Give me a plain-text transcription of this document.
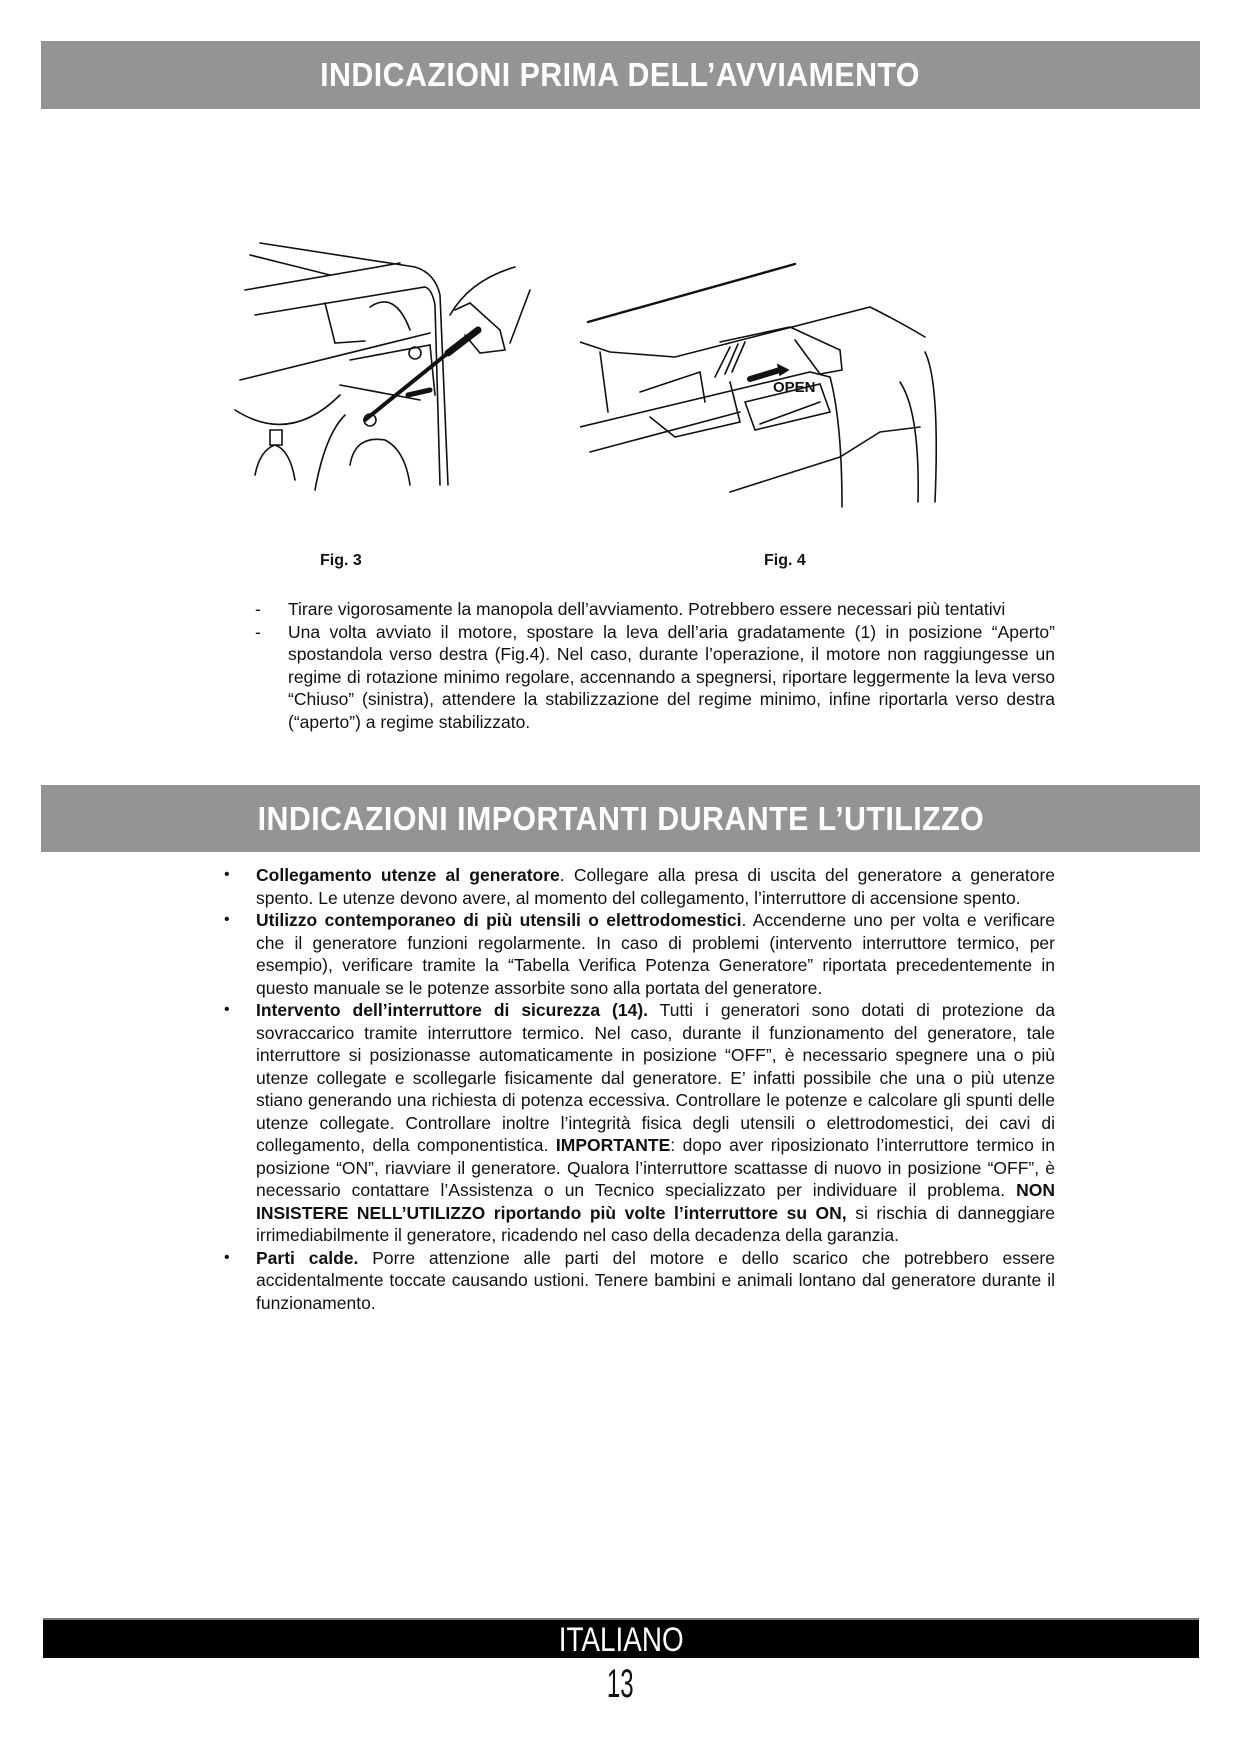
INDICAZIONI PRIMA DELL’AVVIAMENTO
OPEN
Fig. 3	Fig. 4
- Tirare vigorosamente la manopola dell’avviamento. Potrebbero essere necessari più tentativi
- Una volta avviato il motore, spostare la leva dell’aria gradatamente (1) in posizione “Aperto” spostandola verso destra (Fig.4). Nel caso, durante l’operazione, il motore non raggiungesse un regime di rotazione minimo regolare, accennando a spegnersi, riportare leggermente la leva verso “Chiuso” (sinistra), attendere la stabilizzazione del regime minimo, infine riportarla verso destra (“aperto”) a regime stabilizzato.
INDICAZIONI IMPORTANTI DURANTE L’UTILIZZO
• Collegamento utenze al generatore. Collegare alla presa di uscita del generatore a generatore spento. Le utenze devono avere, al momento del collegamento, l’interruttore di accensione spento.
• Utilizzo contemporaneo di più utensili o elettrodomestici. Accenderne uno per volta e verificare che il generatore funzioni regolarmente. In caso di problemi (intervento interruttore termico, per esempio), verificare tramite la “Tabella Verifica Potenza Generatore” riportata precedentemente in questo manuale se le potenze assorbite sono alla portata del generatore.
• Intervento dell’interruttore di sicurezza (14). Tutti i generatori sono dotati di protezione da sovraccarico tramite interruttore termico. Nel caso, durante il funzionamento del generatore, tale interruttore si posizionasse automaticamente in posizione “OFF”, è necessario spegnere una o più utenze collegate e scollegarle fisicamente dal generatore. E’ infatti possibile che una o più utenze stiano generando una richiesta di potenza eccessiva. Controllare le potenze e calcolare gli spunti delle utenze collegate. Controllare inoltre l’integrità fisica degli utensili o elettrodomestici, dei cavi di collegamento, della componentistica. IMPORTANTE: dopo aver riposizionato l’interruttore termico in posizione “ON”, riavviare il generatore. Qualora l’interruttore scattasse di nuovo in posizione “OFF”, è necessario contattare l’Assistenza o un Tecnico specializzato per individuare il problema. NON INSISTERE NELL’UTILIZZO riportando più volte l’interruttore su ON, si rischia di danneggiare irrimediabilmente il generatore, ricadendo nel caso della decadenza della garanzia.
• Parti calde. Porre attenzione alle parti del motore e dello scarico che potrebbero essere accidentalmente toccate causando ustioni. Tenere bambini e animali lontano dal generatore durante il funzionamento.
ITALIANO
13
